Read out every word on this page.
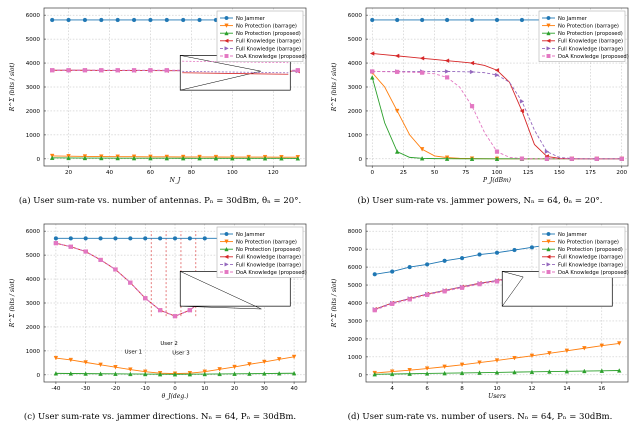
20	40	60	80	100	120
0
1000
2000
3000
4000
5000
6000
N_J
R^Σ (bits / slot)
No Jammer
No Protection (barrage)
No Protection (proposed)
Full Knowledge (barrage)
Full Knowledge (barrage)
DoA Knowledge (proposed)
(a) User sum-rate vs. number of antennas. Pₙ = 30dBm, θₙ = 20°.
0	25	50	75	100	125	150	175	200
0
1000
2000
3000
4000
5000
6000
P_J(dBm)
R^Σ (bits / slot)
No Jammer
No Protection (barrage)
No Protection (proposed)
Full Knowledge (barrage)
Full Knowledge (barrage)
DoA Knowledge (proposed)
(b) User sum-rate vs. jammer powers, Nₙ = 64, θₙ = 20°.
-40	-30	-20	-10	0	10	20	30	40
0
1000
2000
3000
4000
5000
6000
User 1
User 2
User 3
θ_J(deg.)
R^Σ (bits / slot)
No Jammer
No Protection (barrage)
No Protection (proposed)
Full Knowledge (barrage)
Full Knowledge (barrage)
DoA Knowledge (proposed)
(c) User sum-rate vs. jammer directions. Nₙ = 64, Pₙ = 30dBm.
4	6	8	10	12	14	16
0
1000
2000
3000
4000
5000
6000
7000
8000
Users
R^Σ (bits / slot)
No Jammer
No Protection (barrage)
No Protection (proposed)
Full Knowledge (barrage)
Full Knowledge (barrage)
DoA Knowledge (proposed)
(d) User sum-rate vs. number of users. Nₙ = 64, Pₙ = 30dBm.
